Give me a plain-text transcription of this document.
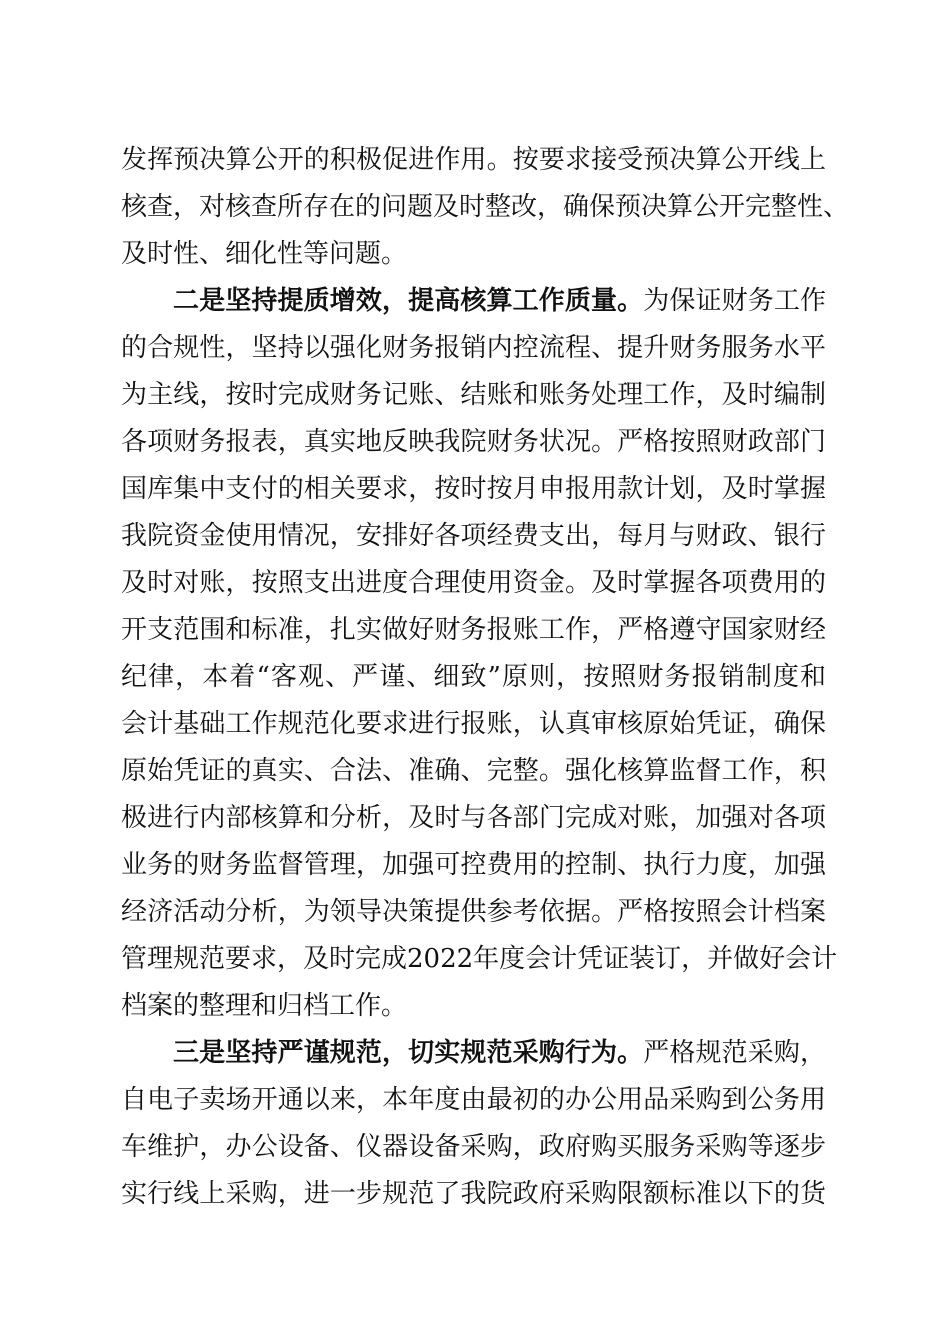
发挥预决算公开的积极促进作用。按要求接受预决算公开线上
核查，对核查所存在的问题及时整改，确保预决算公开完整性、
及时性、细化性等问题。
二是坚持提质增效，提高核算工作质量。为保证财务工作
的合规性，坚持以强化财务报销内控流程、提升财务服务水平
为主线，按时完成财务记账、结账和账务处理工作，及时编制
各项财务报表，真实地反映我院财务状况。严格按照财政部门
国库集中支付的相关要求，按时按月申报用款计划，及时掌握
我院资金使用情况，安排好各项经费支出，每月与财政、银行
及时对账，按照支出进度合理使用资金。及时掌握各项费用的
开支范围和标准，扎实做好财务报账工作，严格遵守国家财经
纪律，本着“客观、严谨、细致”原则，按照财务报销制度和
会计基础工作规范化要求进行报账，认真审核原始凭证，确保
原始凭证的真实、合法、准确、完整。强化核算监督工作，积
极进行内部核算和分析，及时与各部门完成对账，加强对各项
业务的财务监督管理，加强可控费用的控制、执行力度，加强
经济活动分析，为领导决策提供参考依据。严格按照会计档案
管理规范要求，及时完成2022年度会计凭证装订，并做好会计
档案的整理和归档工作。
三是坚持严谨规范，切实规范采购行为。严格规范采购，
自电子卖场开通以来，本年度由最初的办公用品采购到公务用
车维护，办公设备、仪器设备采购，政府购买服务采购等逐步
实行线上采购，进一步规范了我院政府采购限额标准以下的货
